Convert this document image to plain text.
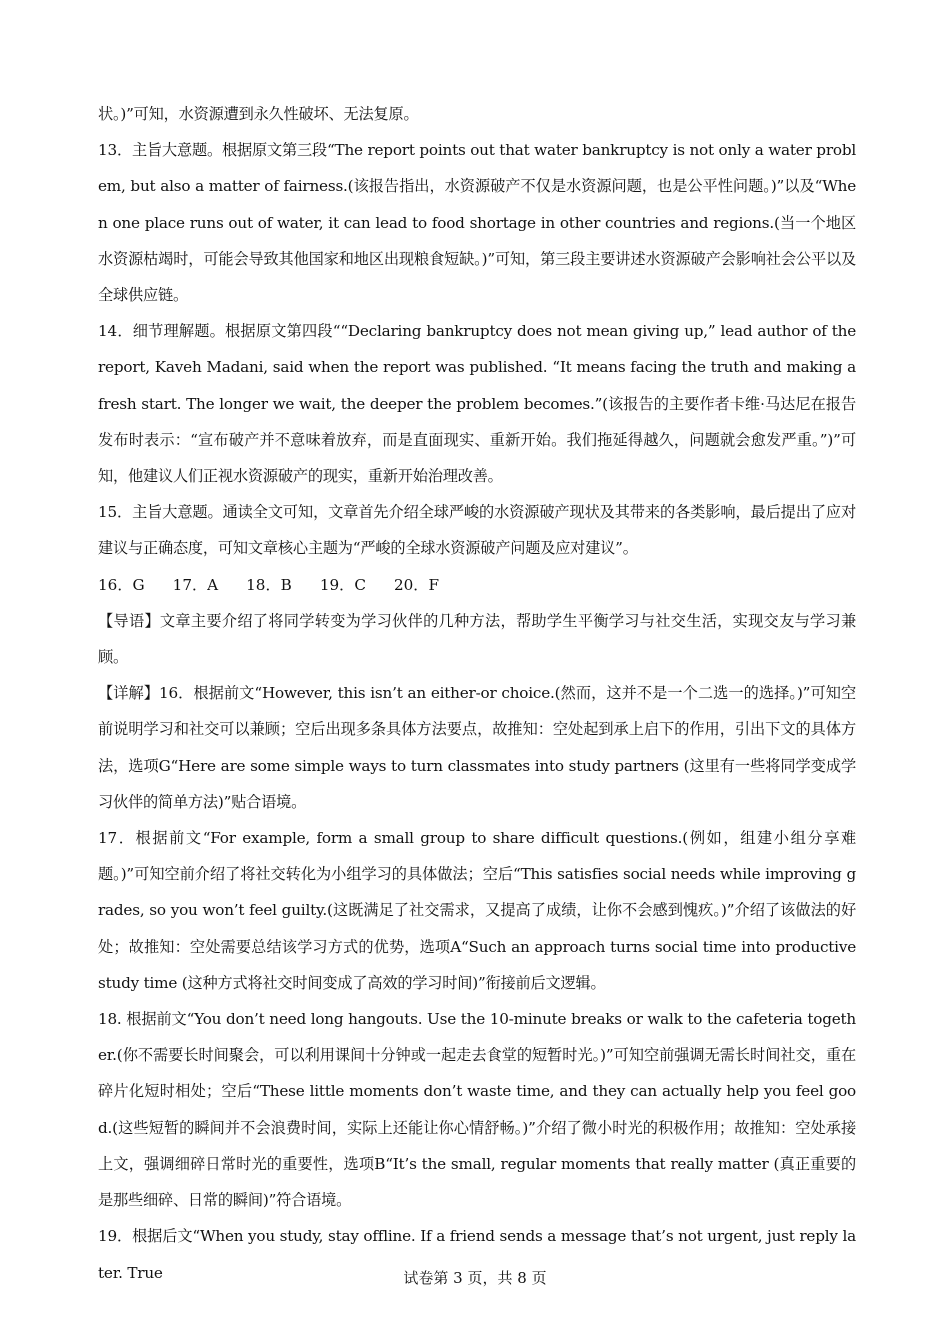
状。)”可知，水资源遭到永久性破坏、无法复原。

13．主旨大意题。根据原文第三段“The report points out that water bankruptcy is not only a water problem, but also a matter of fairness.(该报告指出，水资源破产不仅是水资源问题，也是公平性问题。)”以及“When one place runs out of water, it can lead to food shortage in other countries and regions.(当一个地区水资源枯竭时，可能会导致其他国家和地区出现粮食短缺。)”可知，第三段主要讲述水资源破产会影响社会公平以及全球供应链。

14．细节理解题。根据原文第四段““Declaring bankruptcy does not mean giving up,” lead author of the report, Kaveh Madani, said when the report was published. “It means facing the truth and making a fresh start. The longer we wait, the deeper the problem becomes.”(该报告的主要作者卡维·马达尼在报告发布时表示：“宣布破产并不意味着放弃，而是直面现实、重新开始。我们拖延得越久，问题就会愈发严重。”)”可知，他建议人们正视水资源破产的现实，重新开始治理改善。

15．主旨大意题。通读全文可知，文章首先介绍全球严峻的水资源破产现状及其带来的各类影响，最后提出了应对建议与正确态度，可知文章核心主题为“严峻的全球水资源破产问题及应对建议”。

16．G 17．A 18．B 19．C 20．F

【导语】文章主要介绍了将同学转变为学习伙伴的几种方法，帮助学生平衡学习与社交生活，实现交友与学习兼顾。

【详解】16．根据前文“However, this isn’t an either-or choice.(然而，这并不是一个二选一的选择。)”可知空前说明学习和社交可以兼顾；空后出现多条具体方法要点，故推知：空处起到承上启下的作用，引出下文的具体方法，选项G“Here are some simple ways to turn classmates into study partners (这里有一些将同学变成学习伙伴的简单方法)”贴合语境。

17．根据前文“For example, form a small group to share difficult questions.(例如，组建小组分享难题。)”可知空前介绍了将社交转化为小组学习的具体做法；空后“This satisfies social needs while improving grades, so you won’t feel guilty.(这既满足了社交需求，又提高了成绩，让你不会感到愧疚。)”介绍了该做法的好处；故推知：空处需要总结该学习方式的优势，选项A“Such an approach turns social time into productive study time (这种方式将社交时间变成了高效的学习时间)”衔接前后文逻辑。

18. 根据前文“You don’t need long hangouts. Use the 10-minute breaks or walk to the cafeteria together.(你不需要长时间聚会，可以利用课间十分钟或一起走去食堂的短暂时光。)”可知空前强调无需长时间社交，重在碎片化短时相处；空后“These little moments don’t waste time, and they can actually help you feel good.(这些短暂的瞬间并不会浪费时间，实际上还能让你心情舒畅。)”介绍了微小时光的积极作用；故推知：空处承接上文，强调细碎日常时光的重要性，选项B“It’s the small, regular moments that really matter (真正重要的是那些细碎、日常的瞬间)”符合语境。

19．根据后文“When you study, stay offline. If a friend sends a message that’s not urgent, just reply later. True	试卷第 3 页，共 8 页
